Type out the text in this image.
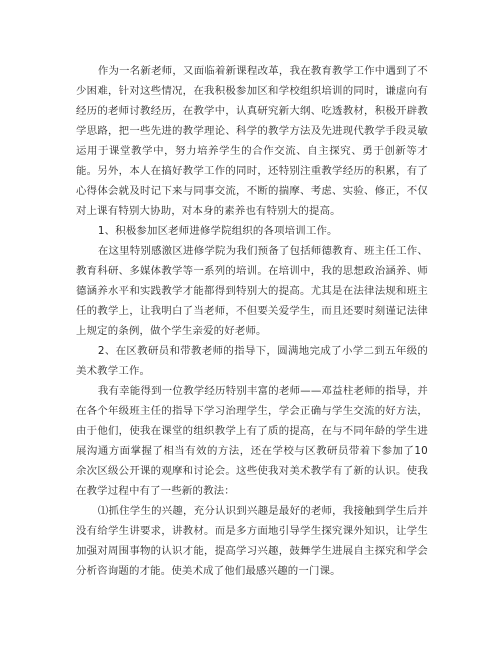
作为一名新老师，又面临着新课程改革，我在教育教学工作中遇到了不少困难，针对这些情况，在我积极参加区和学校组织培训的同时，谦虚向有经历的老师讨教经历，在教学中，认真研究新大纲、吃透教材，积极开辟教学思路，把一些先进的教学理论、科学的教学方法及先进现代教学手段灵敏运用于课堂教学中，努力培养学生的合作交流、自主探究、勇于创新等才能。另外，本人在搞好教学工作的同时，还特别注重教学经历的积累，有了心得体会就及时记下来与同事交流，不断的揣摩、考虑、实验、修正，不仅对上课有特别大协助，对本身的素养也有特别大的提高。

1、积极参加区老师进修学院组织的各项培训工作。

在这里特别感激区进修学院为我们预备了包括师德教育、班主任工作、教育科研、多媒体教学等一系列的培训。在培训中，我的思想政治涵养、师德涵养水平和实践教学才能都得到特别大的提高。尤其是在法律法规和班主任的教学上，让我明白了当老师，不但要关爱学生，而且还要时刻谨记法律上规定的条例，做个学生亲爱的好老师。

2、在区教研员和带教老师的指导下，圆满地完成了小学二到五年级的美术教学工作。

我有幸能得到一位教学经历特别丰富的老师——邓益柱老师的指导，并在各个年级班主任的指导下学习治理学生，学会正确与学生交流的好方法，由于他们，使我在课堂的组织教学上有了质的提高，在与不同年龄的学生进展沟通方面掌握了相当有效的方法，还在学校与区教研员带着下参加了10余次区级公开课的观摩和讨论会。这些使我对美术教学有了新的认识。使我在教学过程中有了一些新的教法：

⑴抓住学生的兴趣，充分认识到兴趣是最好的老师，我接触到学生后并没有给学生讲要求，讲教材。而是多方面地引导学生探究课外知识，让学生加强对周围事物的认识才能，提高学习兴趣，鼓舞学生进展自主探究和学会分析咨询题的才能。使美术成了他们最感兴趣的一门课。
